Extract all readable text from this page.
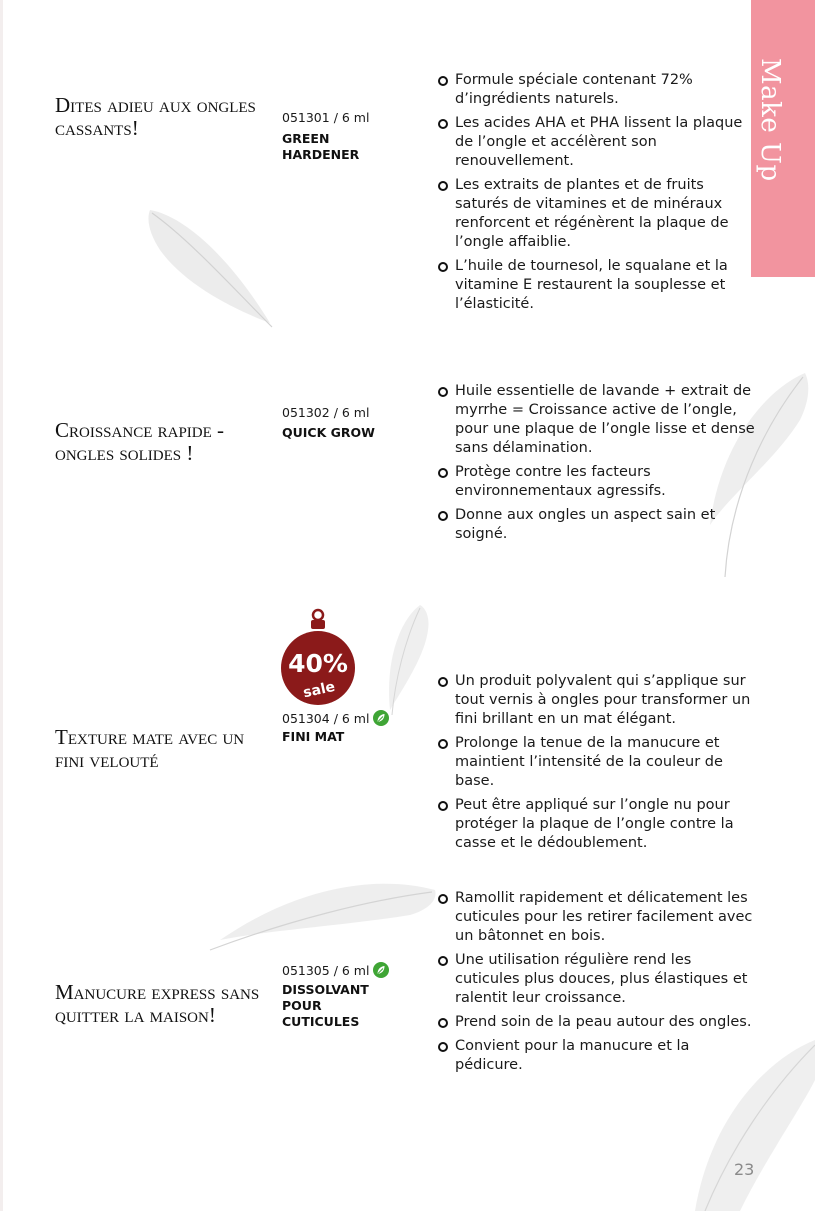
Make Up
Dites adieu aux ongles cassants!	051301 / 6 ml
GREEN HARDENER
Formule spéciale contenant 72% d’ingrédients naturels.
Les acides AHA et PHA lissent la plaque de l’ongle et accélèrent son renouvellement.
Les extraits de plantes et de fruits saturés de vitamines et de minéraux renforcent et régénèrent la plaque de l’ongle affaiblie.
L’huile de tournesol, le squalane et la vitamine E restaurent la souplesse et l’élasticité.
Croissance rapide - ongles solides !
051302 / 6 ml
QUICK GROW
Huile essentielle de lavande + extrait de myrrhe = Croissance active de l’ongle, pour une plaque de l’ongle lisse et dense sans délamination.
Protège contre les facteurs environnementaux agressifs.
Donne aux ongles un aspect sain et soigné.
40%
sale
Texture mate avec un fini velouté
051304 / 6 ml
FINI MAT
Un produit polyvalent qui s’applique sur tout vernis à ongles pour transformer un fini brillant en un mat élégant.
Prolonge la tenue de la manucure et maintient l’intensité de la couleur de base.
Peut être appliqué sur l’ongle nu pour protéger la plaque de l’ongle contre la casse et le dédoublement.
Manucure express sans quitter la maison!
051305 / 6 ml
DISSOLVANT POUR CUTICULES
Ramollit rapidement et délicatement les cuticules pour les retirer facilement avec un bâtonnet en bois.
Une utilisation régulière rend les cuticules plus douces, plus élastiques et ralentit leur croissance.
Prend soin de la peau autour des ongles.
Convient pour la manucure et la pédicure.
23
